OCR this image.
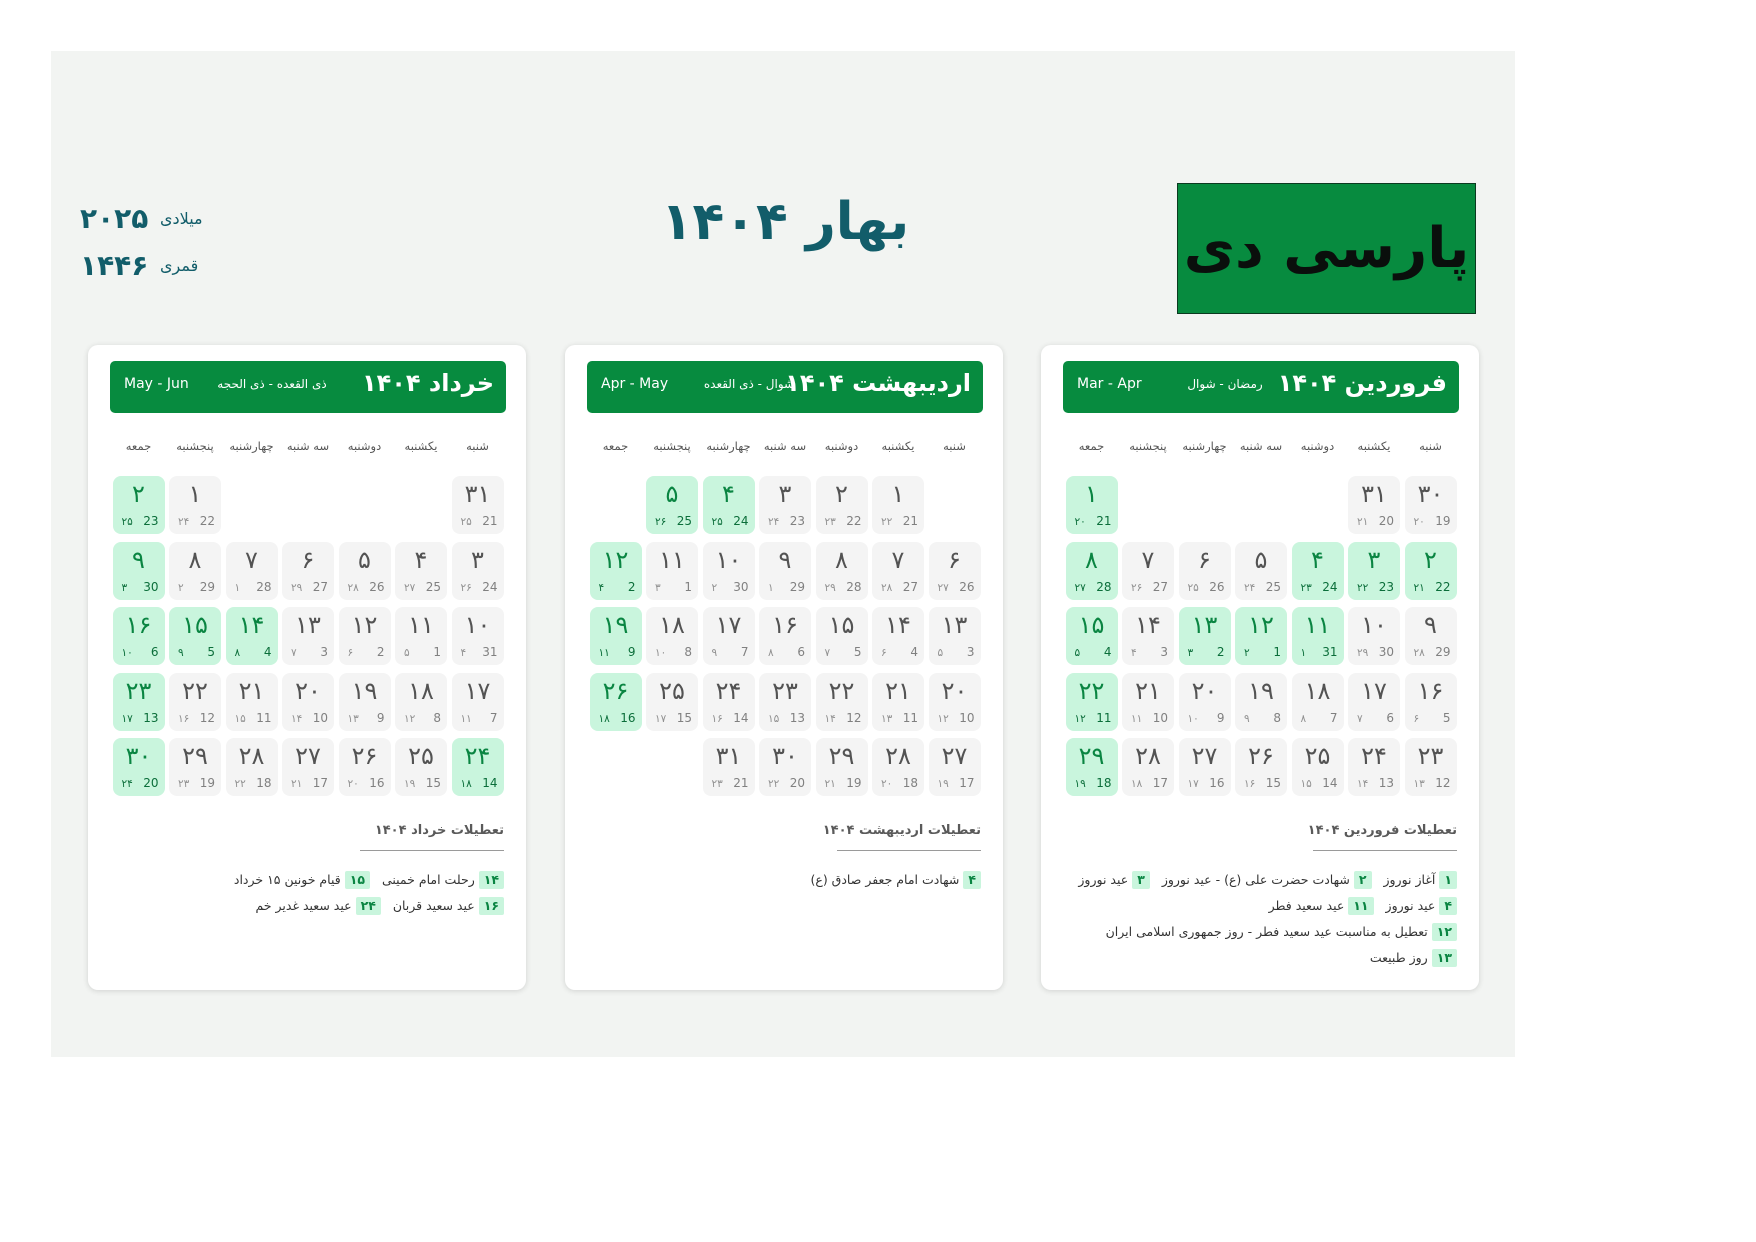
پارسی دی
بهار ۱۴۰۴
۲۰۲۵ میلادی
۱۴۴۶ قمری
فروردین ۱۴۰۴
رمضان - شوال
Mar - Apr
شنبه
یکشنبه
دوشنبه
سه شنبه
چهارشنبه
پنجشنبه
جمعه
۳۰
19
۲۰
۳۱
20
۲۱
۱
21
۲۰
۲
22
۲۱
۳
23
۲۲
۴
24
۲۳
۵
25
۲۴
۶
26
۲۵
۷
27
۲۶
۸
28
۲۷
۹
29
۲۸
۱۰
30
۲۹
۱۱
31
۱
۱۲
1
۲
۱۳
2
۳
۱۴
3
۴
۱۵
4
۵
۱۶
5
۶
۱۷
6
۷
۱۸
7
۸
۱۹
8
۹
۲۰
9
۱۰
۲۱
10
۱۱
۲۲
11
۱۲
۲۳
12
۱۳
۲۴
13
۱۴
۲۵
14
۱۵
۲۶
15
۱۶
۲۷
16
۱۷
۲۸
17
۱۸
۲۹
18
۱۹
تعطیلات فروردین ۱۴۰۴
۱آغاز نوروز ۲شهادت حضرت علی (ع) - عید نوروز ۳عید نوروز ۴عید نوروز ۱۱عید سعید فطر ۱۲تعطیل به مناسبت عید سعید فطر - روز جمهوری اسلامی ایران ۱۳روز طبیعت
اردیبهشت ۱۴۰۴
شوال - ذی القعده
Apr - May
شنبه
یکشنبه
دوشنبه
سه شنبه
چهارشنبه
پنجشنبه
جمعه
۱
21
۲۲
۲
22
۲۳
۳
23
۲۴
۴
24
۲۵
۵
25
۲۶
۶
26
۲۷
۷
27
۲۸
۸
28
۲۹
۹
29
۱
۱۰
30
۲
۱۱
1
۳
۱۲
2
۴
۱۳
3
۵
۱۴
4
۶
۱۵
5
۷
۱۶
6
۸
۱۷
7
۹
۱۸
8
۱۰
۱۹
9
۱۱
۲۰
10
۱۲
۲۱
11
۱۳
۲۲
12
۱۴
۲۳
13
۱۵
۲۴
14
۱۶
۲۵
15
۱۷
۲۶
16
۱۸
۲۷
17
۱۹
۲۸
18
۲۰
۲۹
19
۲۱
۳۰
20
۲۲
۳۱
21
۲۳
تعطیلات اردیبهشت ۱۴۰۴
۴شهادت امام جعفر صادق (ع)
خرداد ۱۴۰۴
ذی القعده - ذی الحجه
May - Jun
شنبه
یکشنبه
دوشنبه
سه شنبه
چهارشنبه
پنجشنبه
جمعه
۳۱
21
۲۵
۱
22
۲۴
۲
23
۲۵
۳
24
۲۶
۴
25
۲۷
۵
26
۲۸
۶
27
۲۹
۷
28
۱
۸
29
۲
۹
30
۳
۱۰
31
۴
۱۱
1
۵
۱۲
2
۶
۱۳
3
۷
۱۴
4
۸
۱۵
5
۹
۱۶
6
۱۰
۱۷
7
۱۱
۱۸
8
۱۲
۱۹
9
۱۳
۲۰
10
۱۴
۲۱
11
۱۵
۲۲
12
۱۶
۲۳
13
۱۷
۲۴
14
۱۸
۲۵
15
۱۹
۲۶
16
۲۰
۲۷
17
۲۱
۲۸
18
۲۲
۲۹
19
۲۳
۳۰
20
۲۴
تعطیلات خرداد ۱۴۰۴
۱۴رحلت امام خمینی ۱۵قیام خونین ۱۵ خرداد ۱۶عید سعید قربان ۲۴عید سعید غدیر خم
